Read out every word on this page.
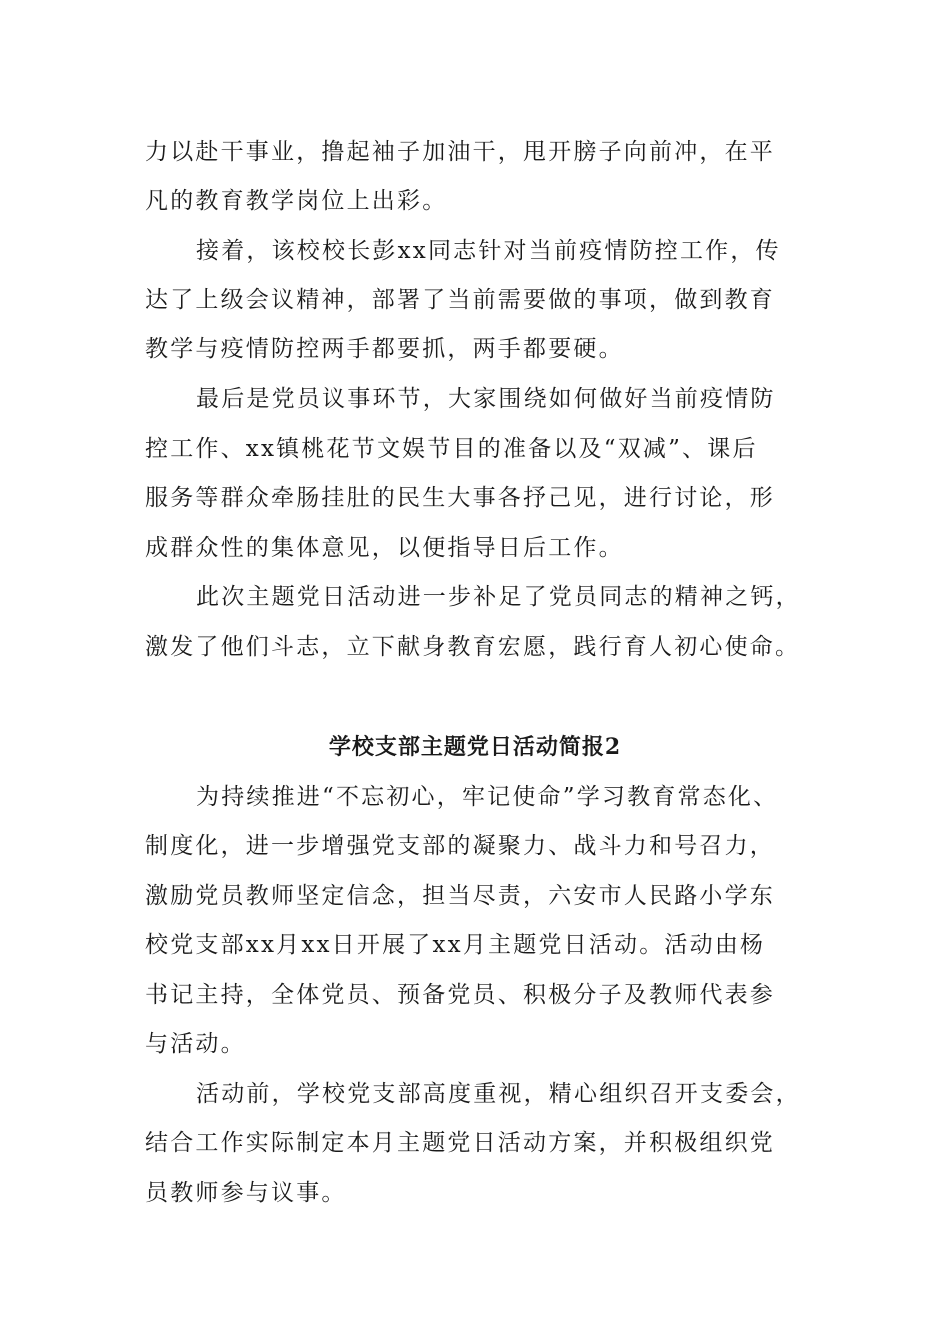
力以赴干事业，撸起袖子加油干，甩开膀子向前冲，在平
凡的教育教学岗位上出彩。
接着，该校校长彭xx同志针对当前疫情防控工作，传
达了上级会议精神，部署了当前需要做的事项，做到教育
教学与疫情防控两手都要抓，两手都要硬。
最后是党员议事环节，大家围绕如何做好当前疫情防
控工作、xx镇桃花节文娱节目的准备以及“双减”、课后
服务等群众牵肠挂肚的民生大事各抒己见，进行讨论，形
成群众性的集体意见，以便指导日后工作。
此次主题党日活动进一步补足了党员同志的精神之钙，
激发了他们斗志，立下献身教育宏愿，践行育人初心使命。
学校支部主题党日活动简报2
为持续推进“不忘初心，牢记使命”学习教育常态化、
制度化，进一步增强党支部的凝聚力、战斗力和号召力，
激励党员教师坚定信念，担当尽责，六安市人民路小学东
校党支部xx月xx日开展了xx月主题党日活动。活动由杨
书记主持，全体党员、预备党员、积极分子及教师代表参
与活动。
活动前，学校党支部高度重视，精心组织召开支委会，
结合工作实际制定本月主题党日活动方案，并积极组织党
员教师参与议事。
